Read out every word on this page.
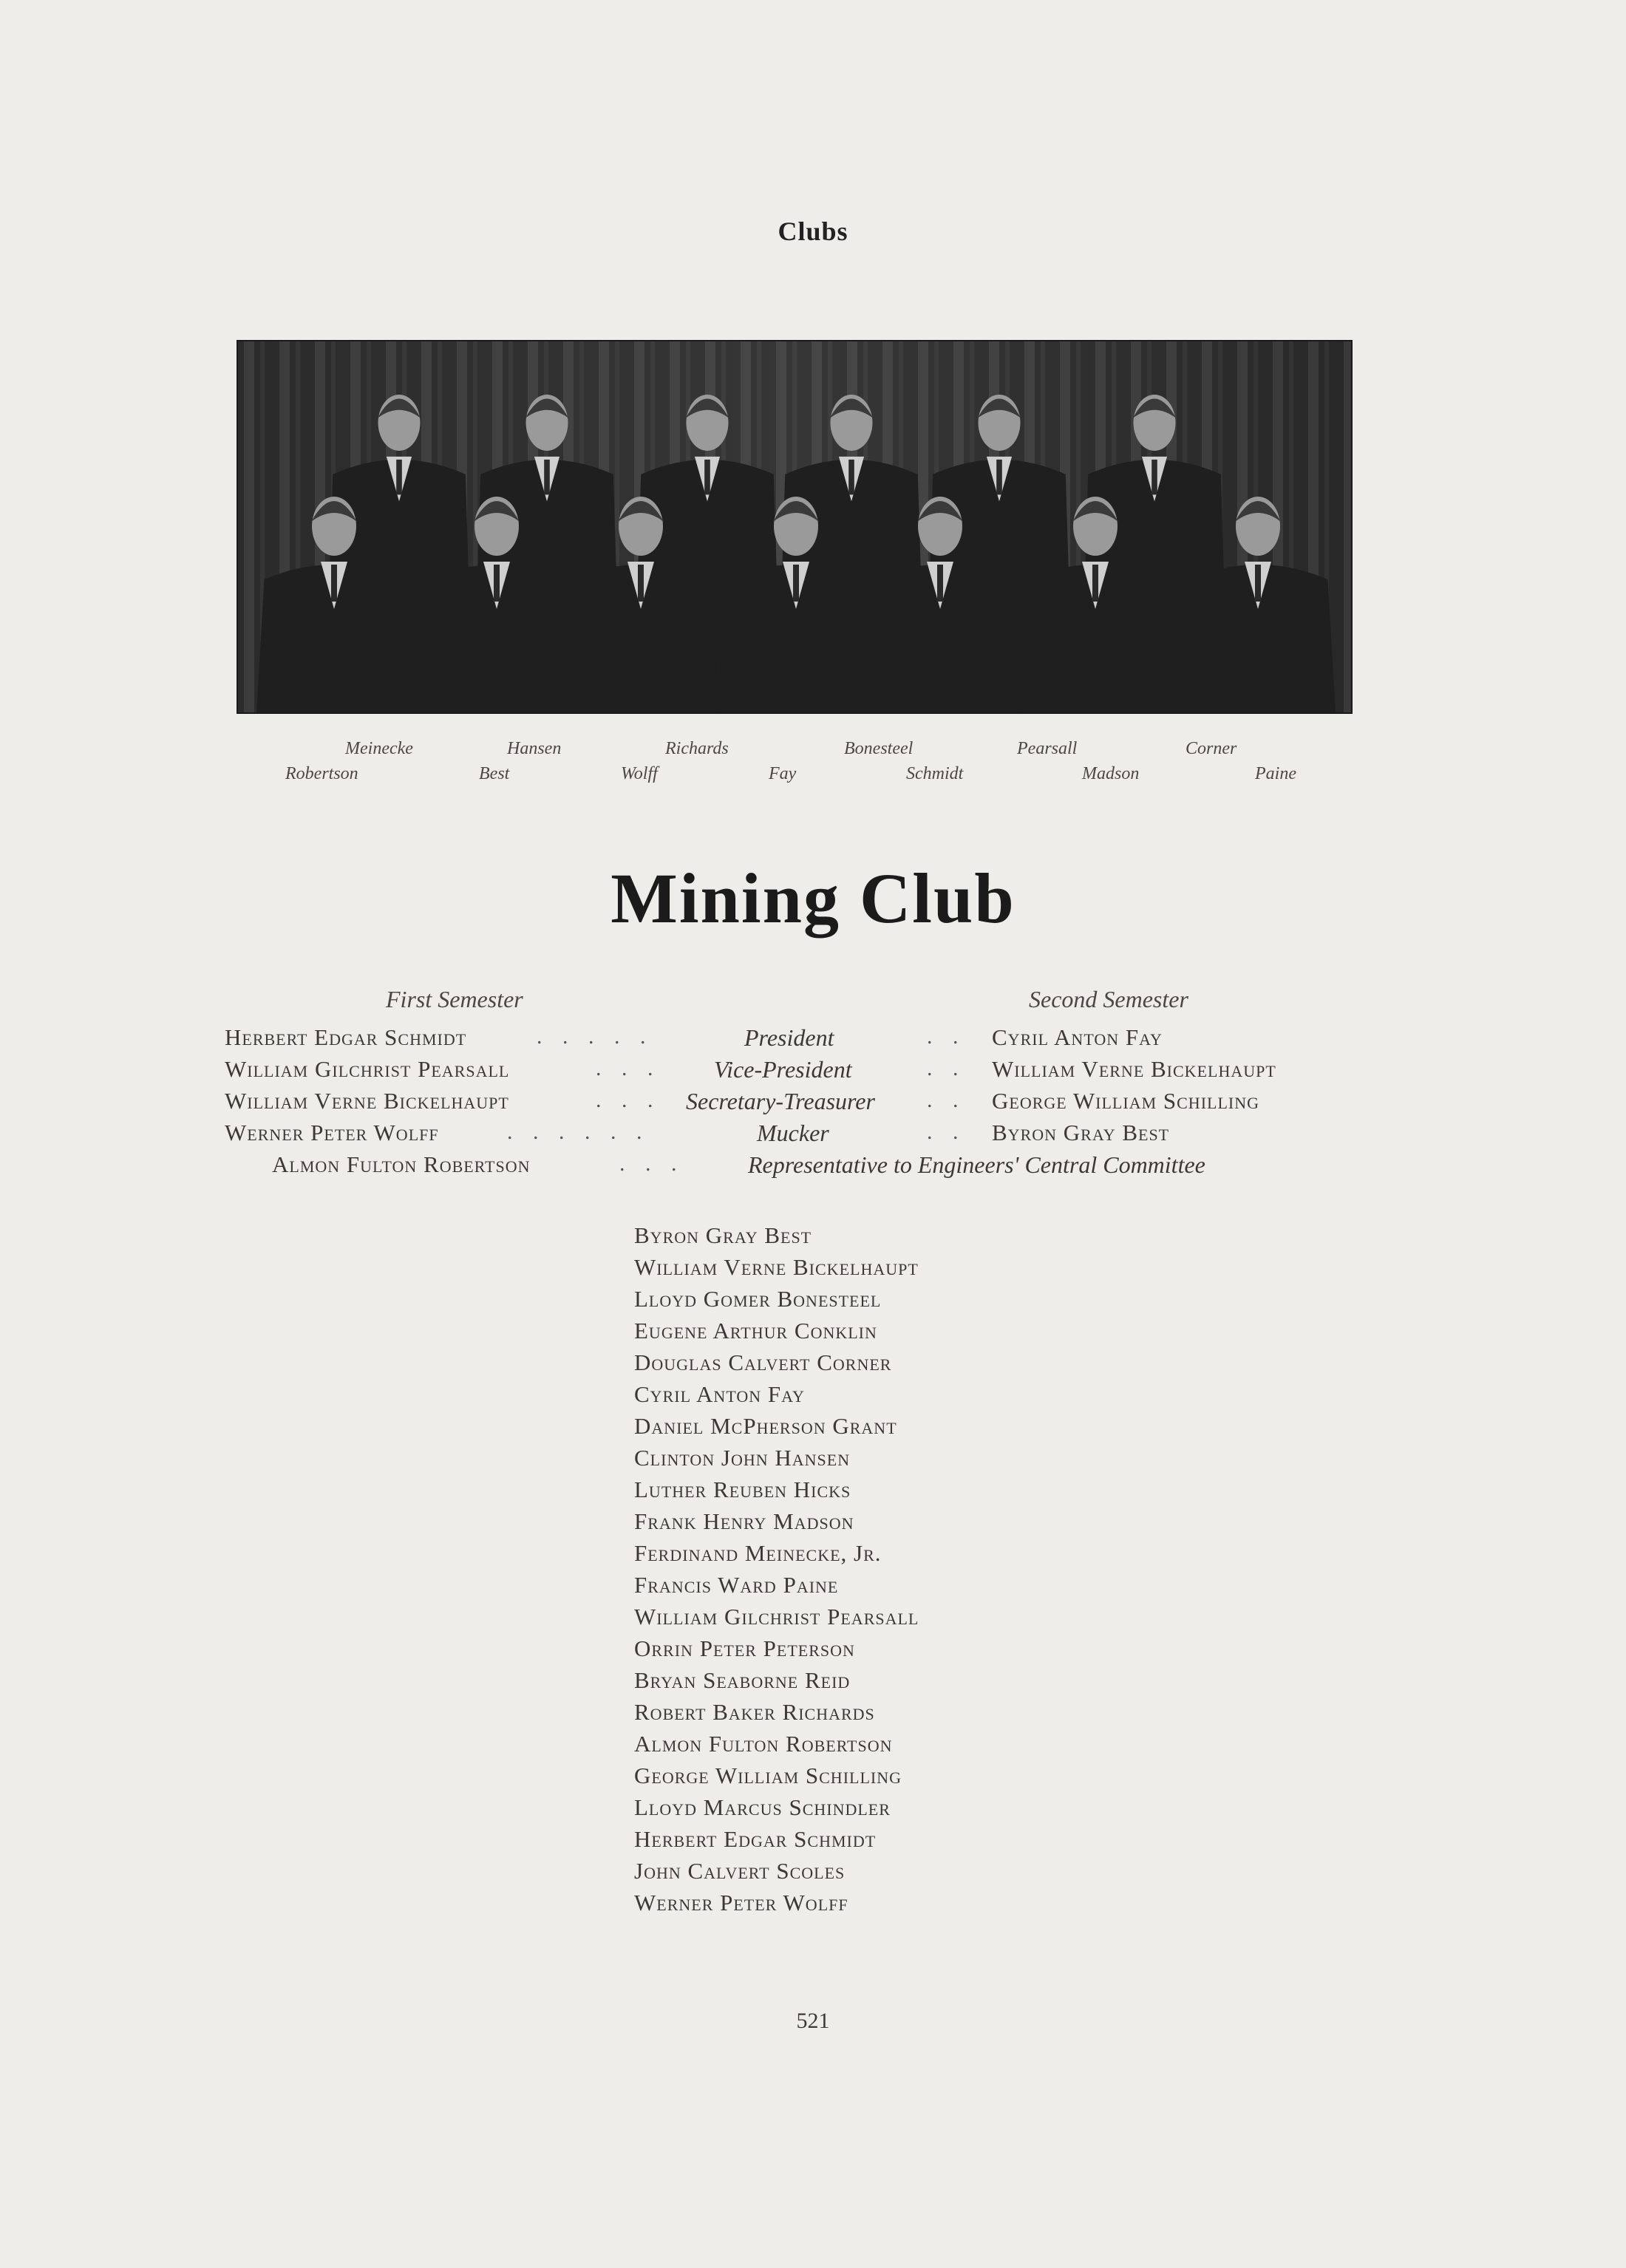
Clubs
Meinecke	Hansen	Richards	Bonesteel	Pearsall	Corner
Robertson	Best	Wolff	Fay	Schmidt	Madson	Paine
Mining Club
First Semester	Second Semester
Herbert Edgar Schmidt	. . . . .	President	. . Cyril Anton Fay
William Gilchrist Pearsall	. . . Vice-President	. . William Verne Bickelhaupt
William Verne Bickelhaupt	. . . Secretary-Treasurer . . George William Schilling
Werner Peter Wolff	. . . . . .	Mucker	. . Byron Gray Best
Almon Fulton Robertson	. . .	Representative to Engineers' Central Committee
Byron Gray Best
William Verne Bickelhaupt
Lloyd Gomer Bonesteel
Eugene Arthur Conklin
Douglas Calvert Corner
Cyril Anton Fay
Daniel McPherson Grant
Clinton John Hansen
Luther Reuben Hicks
Frank Henry Madson
Ferdinand Meinecke, Jr.
Francis Ward Paine
William Gilchrist Pearsall
Orrin Peter Peterson
Bryan Seaborne Reid
Robert Baker Richards
Almon Fulton Robertson
George William Schilling
Lloyd Marcus Schindler
Herbert Edgar Schmidt
John Calvert Scoles
Werner Peter Wolff
521
